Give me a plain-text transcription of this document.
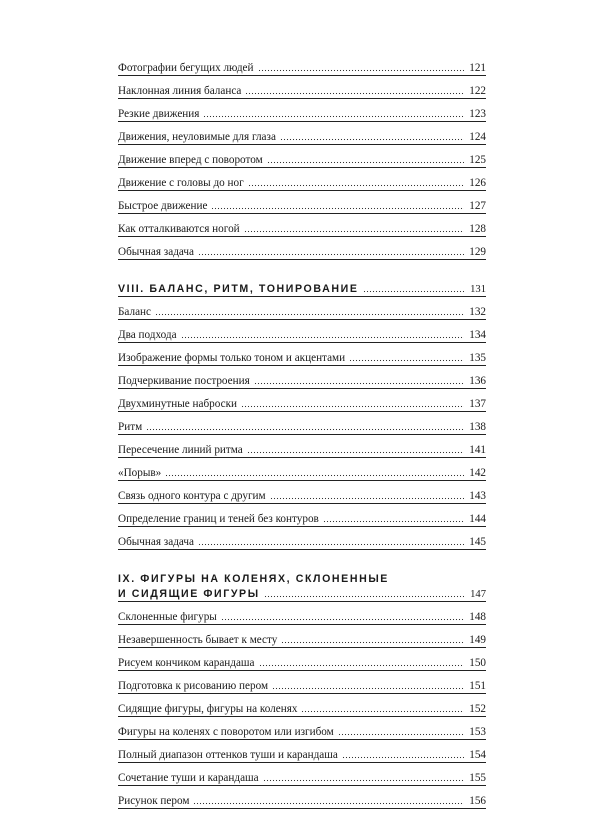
Фотографии бегущих людей	121
Наклонная линия баланса	122
Резкие движения	123
Движения, неуловимые для глаза	124
Движение вперед с поворотом	125
Движение с головы до ног	126
Быстрое движение	127
Как отталкиваются ногой	128
Обычная задача	129
VIII. БАЛАНС, РИТМ, ТОНИРОВАНИЕ	131
Баланс	132
Два подхода	134
Изображение формы только тоном и акцентами	135
Подчеркивание построения	136
Двухминутные наброски	137
Ритм	138
Пересечение линий ритма	141
«Порыв»	142
Связь одного контура с другим	143
Определение границ и теней без контуров	144
Обычная задача	145
IX. ФИГУРЫ НА КОЛЕНЯХ, СКЛОНЕННЫЕ
И СИДЯЩИЕ ФИГУРЫ	147
Склоненные фигуры	148
Незавершенность бывает к месту	149
Рисуем кончиком карандаша	150
Подготовка к рисованию пером	151
Сидящие фигуры, фигуры на коленях	152
Фигуры на коленях с поворотом или изгибом	153
Полный диапазон оттенков туши и карандаша	154
Сочетание туши и карандаша	155
Рисунок пером	156
